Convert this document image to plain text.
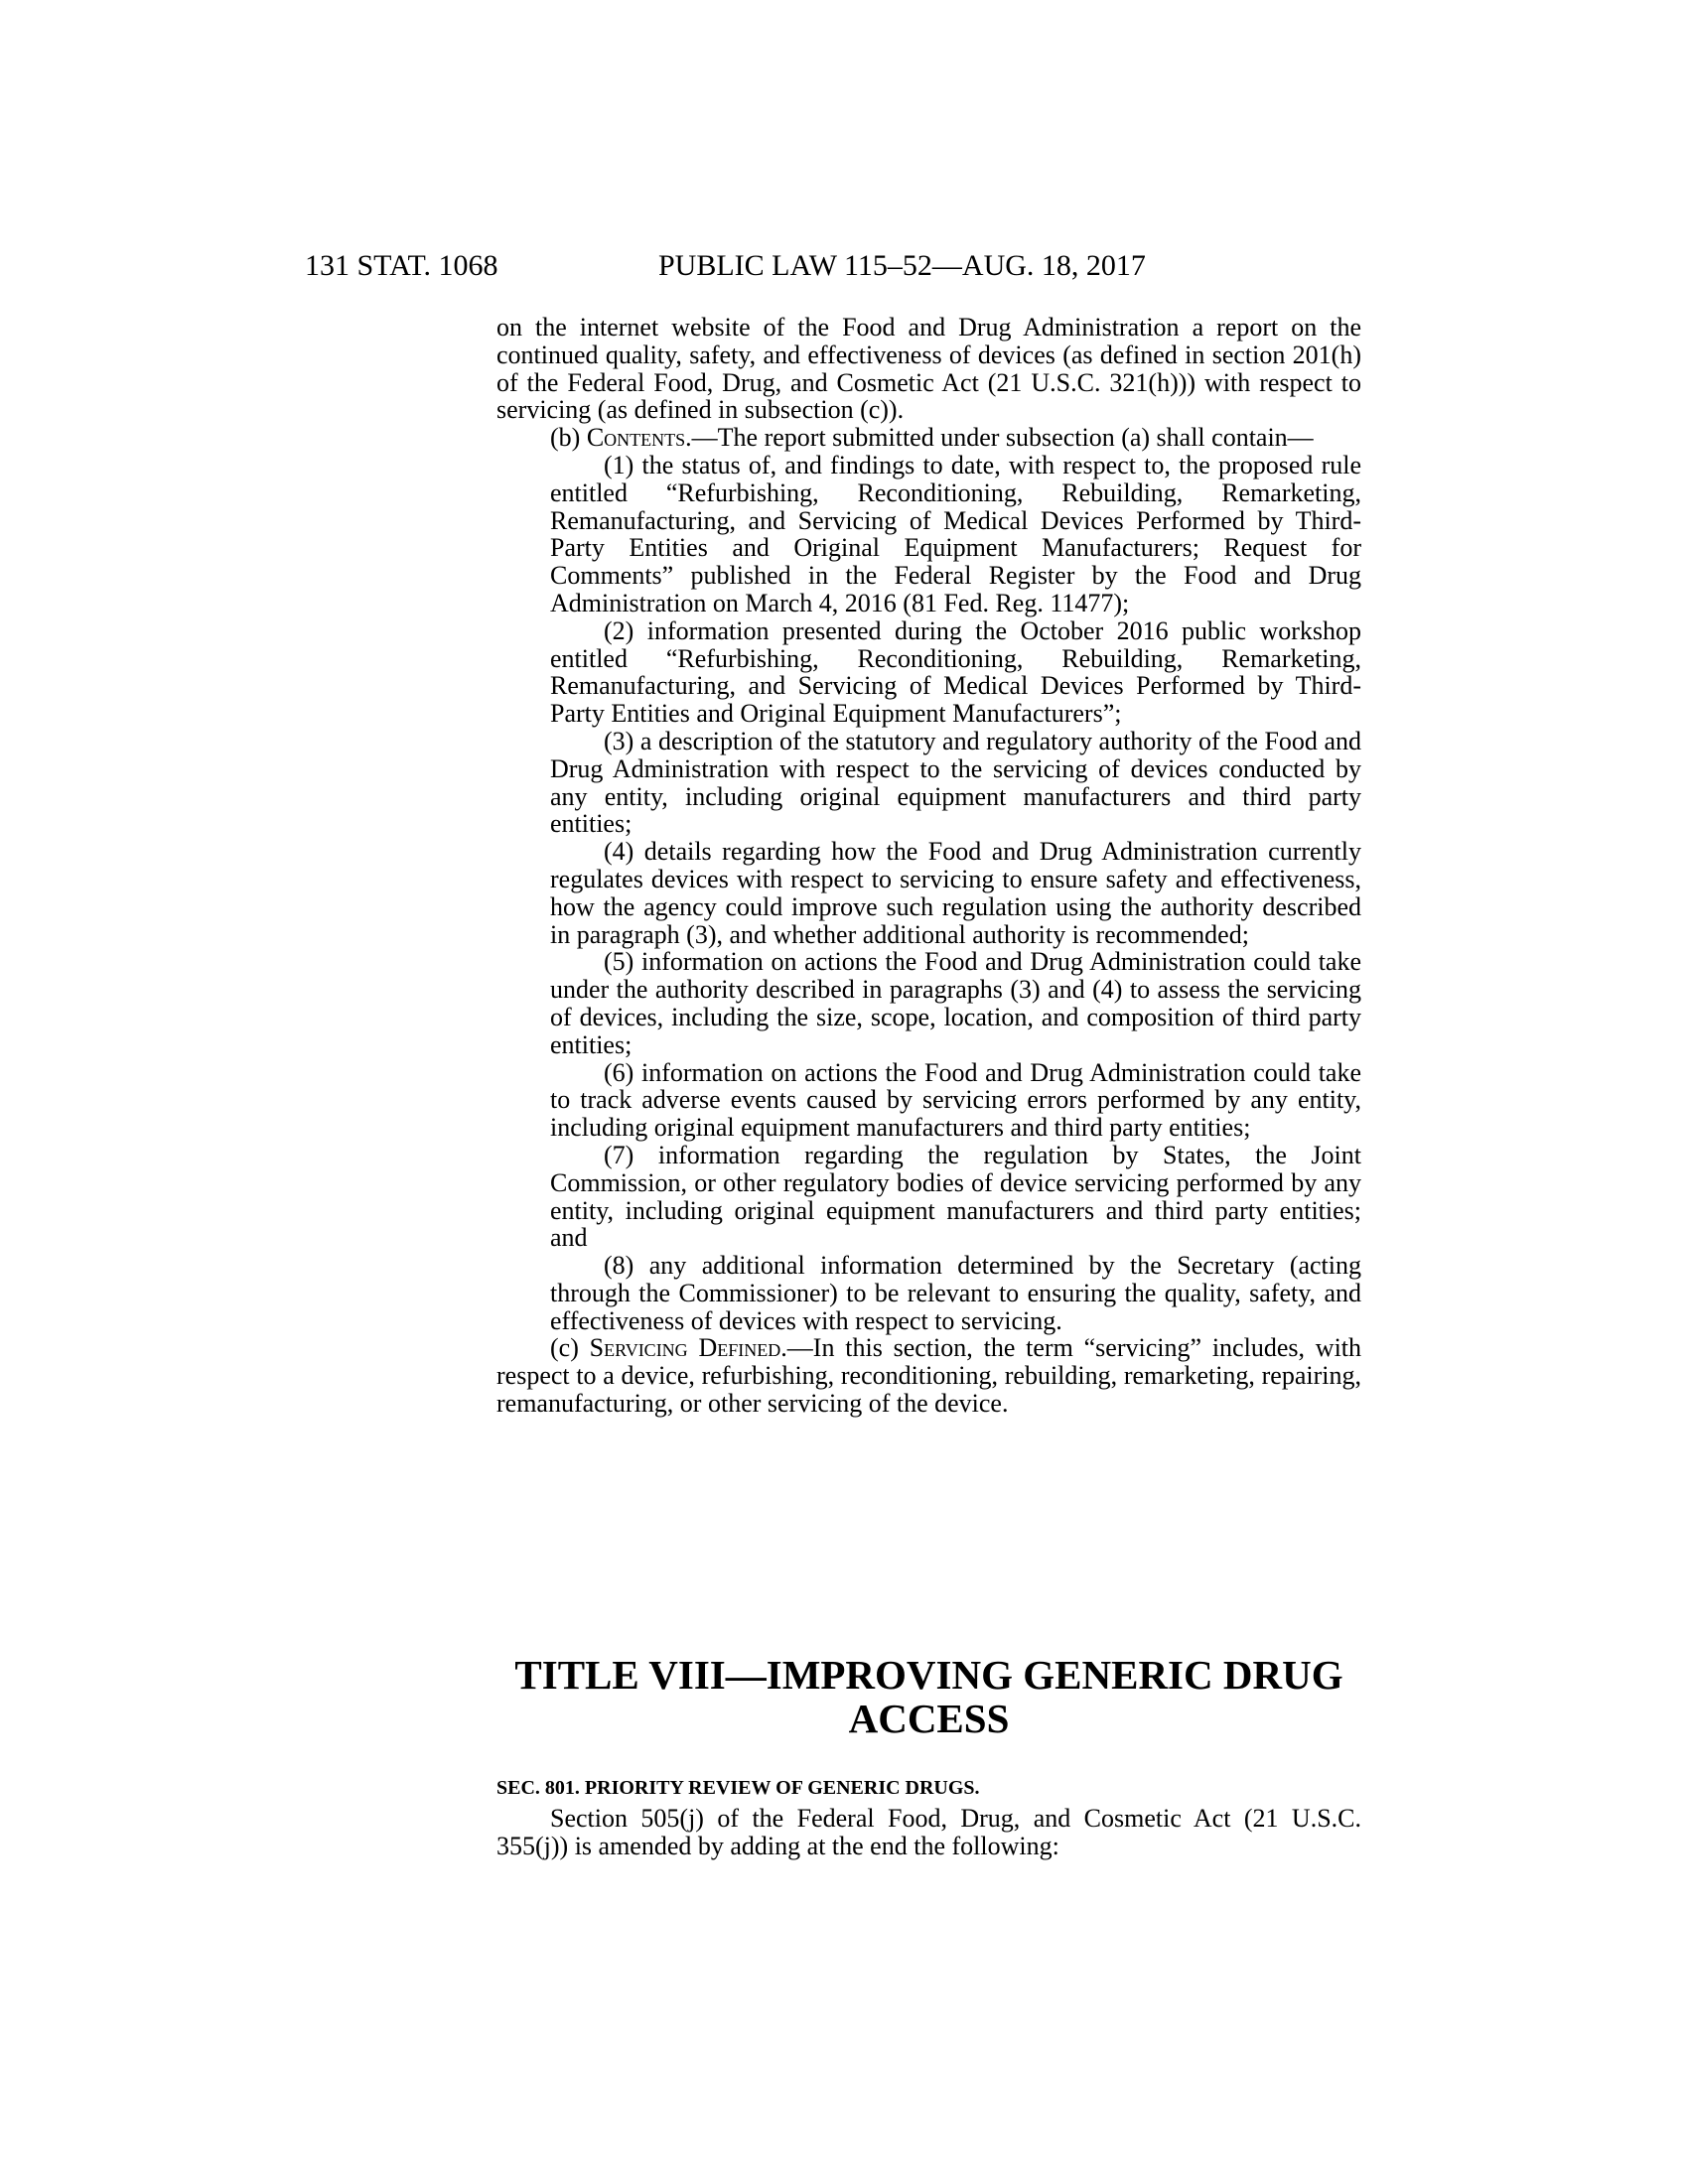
131 STAT. 1068	PUBLIC LAW 115–52—AUG. 18, 2017

on the internet website of the Food and Drug Administration a report on the continued quality, safety, and effectiveness of devices (as defined in section 201(h) of the Federal Food, Drug, and Cosmetic Act (21 U.S.C. 321(h))) with respect to servicing (as defined in subsection (c)).

(b) Contents.—The report submitted under subsection (a) shall contain—

(1) the status of, and findings to date, with respect to, the proposed rule entitled “Refurbishing, Reconditioning, Rebuilding, Remarketing, Remanufacturing, and Servicing of Medical Devices Performed by Third-Party Entities and Original Equipment Manufacturers; Request for Comments” published in the Federal Register by the Food and Drug Administration on March 4, 2016 (81 Fed. Reg. 11477);

(2) information presented during the October 2016 public workshop entitled “Refurbishing, Reconditioning, Rebuilding, Remarketing, Remanufacturing, and Servicing of Medical Devices Performed by Third-Party Entities and Original Equipment Manufacturers”;

(3) a description of the statutory and regulatory authority of the Food and Drug Administration with respect to the servicing of devices conducted by any entity, including original equipment manufacturers and third party entities;

(4) details regarding how the Food and Drug Administration currently regulates devices with respect to servicing to ensure safety and effectiveness, how the agency could improve such regulation using the authority described in paragraph (3), and whether additional authority is recommended;

(5) information on actions the Food and Drug Administration could take under the authority described in paragraphs (3) and (4) to assess the servicing of devices, including the size, scope, location, and composition of third party entities;

(6) information on actions the Food and Drug Administration could take to track adverse events caused by servicing errors performed by any entity, including original equipment manufacturers and third party entities;

(7) information regarding the regulation by States, the Joint Commission, or other regulatory bodies of device servicing performed by any entity, including original equipment manufacturers and third party entities; and

(8) any additional information determined by the Secretary (acting through the Commissioner) to be relevant to ensuring the quality, safety, and effectiveness of devices with respect to servicing.

(c) Servicing Defined.—In this section, the term “servicing” includes, with respect to a device, refurbishing, reconditioning, rebuilding, remarketing, repairing, remanufacturing, or other servicing of the device.

TITLE VIII—IMPROVING GENERIC DRUG
ACCESS
SEC. 801. PRIORITY REVIEW OF GENERIC DRUGS.
Section 505(j) of the Federal Food, Drug, and Cosmetic Act (21 U.S.C. 355(j)) is amended by adding at the end the following:
